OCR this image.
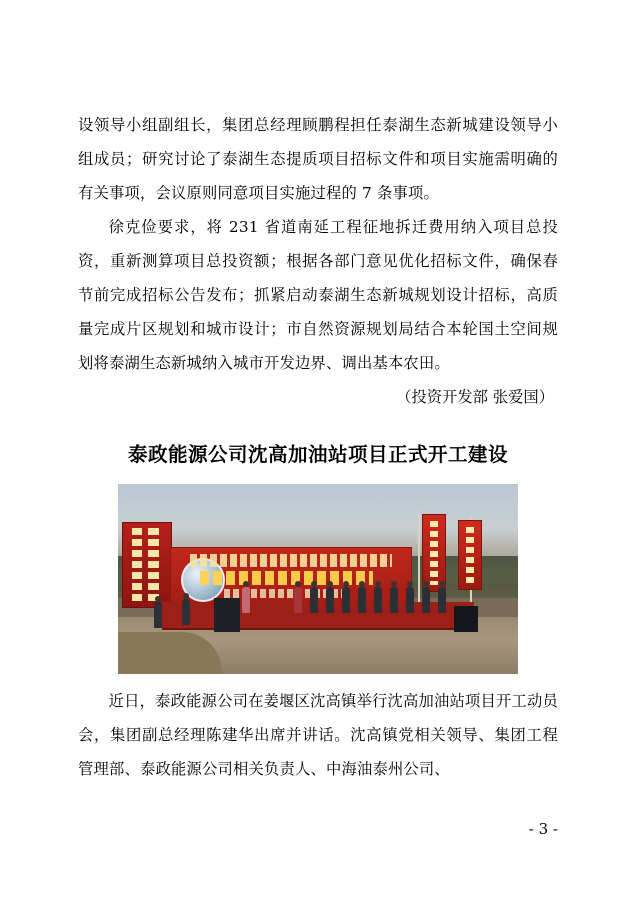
设领导小组副组长，集团总经理顾鹏程担任泰湖生态新城建设领导小组成员；研究讨论了泰湖生态提质项目招标文件和项目实施需明确的有关事项，会议原则同意项目实施过程的 7 条事项。

徐克俭要求，将 231 省道南延工程征地拆迁费用纳入项目总投资，重新测算项目总投资额；根据各部门意见优化招标文件，确保春节前完成招标公告发布；抓紧启动泰湖生态新城规划设计招标，高质量完成片区规划和城市设计；市自然资源规划局结合本轮国土空间规划将泰湖生态新城纳入城市开发边界、调出基本农田。

（投资开发部 张爱国）

泰政能源公司沈高加油站项目正式开工建设

近日，泰政能源公司在姜堰区沈高镇举行沈高加油站项目开工动员会，集团副总经理陈建华出席并讲话。沈高镇党相关领导、集团工程管理部、泰政能源公司相关负责人、中海油泰州公司、

- 3 -
